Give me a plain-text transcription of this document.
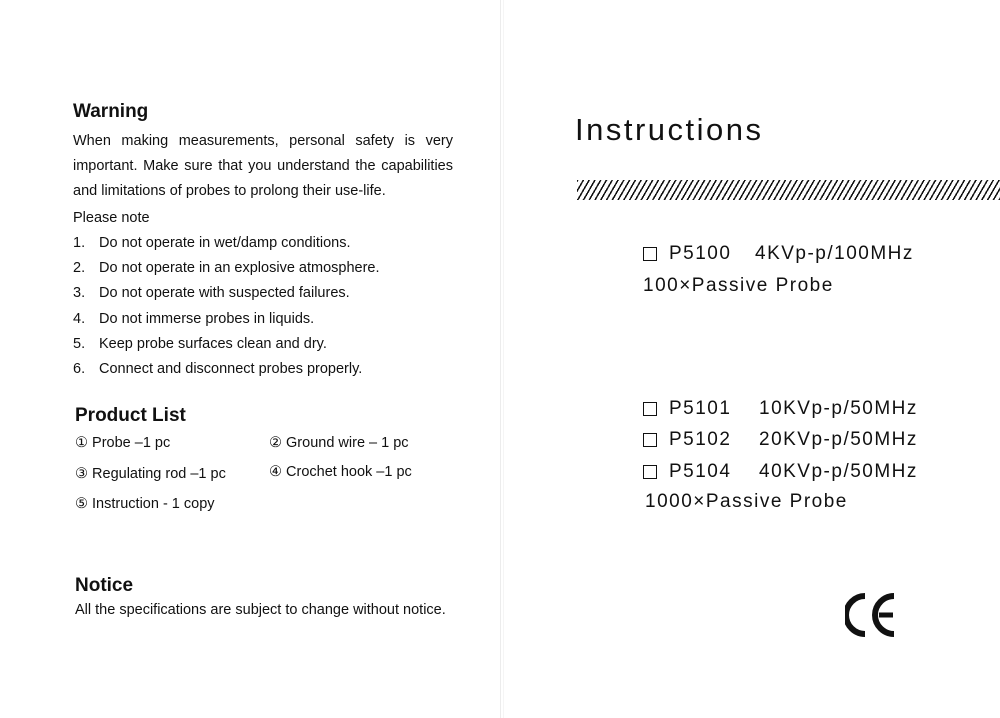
Warning

When making measurements, personal safety is very important. Make sure that you understand the capabilities and limitations of probes to prolong their use-life.

Please note

1. Do not operate in wet/damp conditions.
2. Do not operate in an explosive atmosphere.
3. Do not operate with suspected failures.
4. Do not immerse probes in liquids.
5. Keep probe surfaces clean and dry.
6. Connect and disconnect probes properly.
Product List
① Probe –1 pc	② Ground wire – 1 pc
③ Regulating rod –1 pc	④ Crochet hook –1 pc
⑤ Instruction - 1 copy
Notice

All the specifications are subject to change without notice.

Instructions
P5100	4KVp-p/100MHz
100×Passive Probe
P5101	10KVp-p/50MHz
P5102	20KVp-p/50MHz
P5104	40KVp-p/50MHz
1000×Passive Probe
